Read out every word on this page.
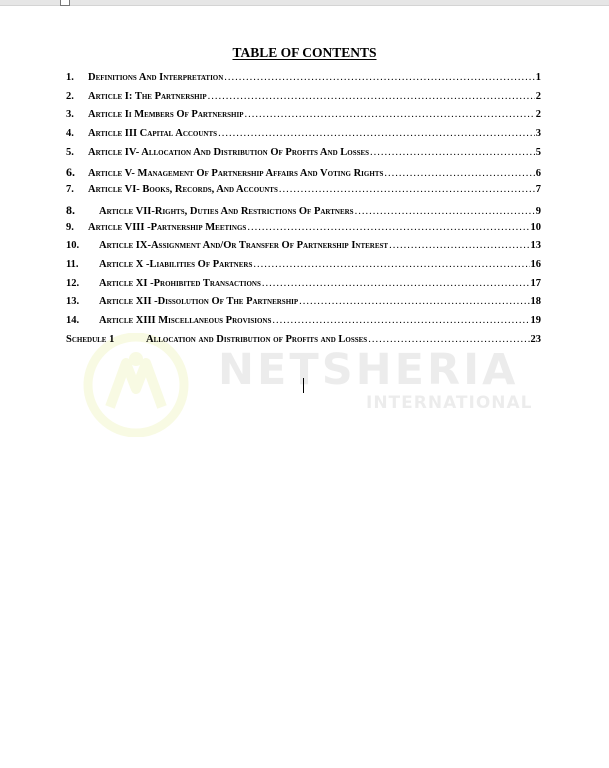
NETSHERIA
INTERNATIONAL
TABLE OF CONTENTS
1.	Definitions And Interpretation .....	1
2.	Article I: The Partnership .....	2
3.	Article Ii Members Of Partnership .....	2
4.	Article III Capital Accounts .....	3
5.	Article IV- Allocation And Distribution Of Profits And Losses .....	5
6.	Article V- Management Of Partnership Affairs And Voting Rights .....	6
7.	Article VI- Books, Records, And Accounts .....	7
8.	Article VII-Rights, Duties And Restrictions Of Partners .....	9
9.	Article VIII -Partnership Meetings .....	10
10.	Article IX-Assignment And/Or Transfer Of Partnership Interest .....	13
11.	Article X -Liabilities Of Partners .....	16
12.	Article XI -Prohibited Transactions .....	17
13.	Article XII -Dissolution Of The Partnership .....	18
14.	Article XIII Miscellaneous Provisions .....	19
Schedule 1	Allocation and Distribution of Profits and Losses .....	23
